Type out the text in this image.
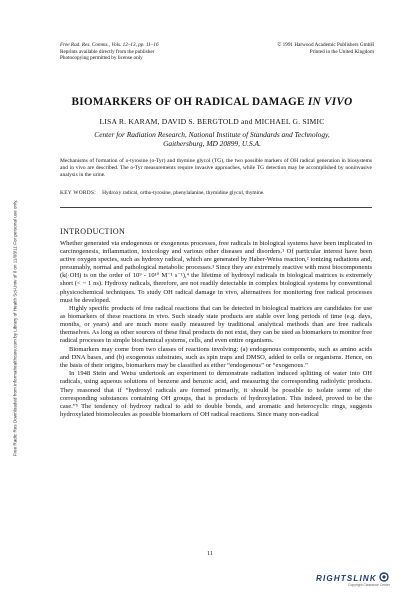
Free Rad. Res. Comms., Vols. 12–13, pp. 11–16
Reprints available directly from the publisher
Photocopying permitted by license only
© 1991 Harwood Academic Publishers GmbH
Printed in the United Kingdom
BIOMARKERS OF OH RADICAL DAMAGE IN VIVO
LISA R. KARAM, DAVID S. BERGTOLD and MICHAEL G. SIMIC
Center for Radiation Research, National Institute of Standards and Technology,
Gaithersburg, MD 20899, U.S.A.
Mechanisms of formation of o-tyrosine (o-Tyr) and thymine glycol (TG), the two possible markers of OH radical generation in biosystems and in vivo are described. The o-Tyr measurements require invasive approaches, while TG detection may be accomplished by noninvasive analysis in the urine.
KEY WORDS: Hydroxy radical, ortho-tyrosine, phenylalanine, thymidine glycol, thymine.
INTRODUCTION

Whether generated via endogenous or exogenous processes, free radicals in biological systems have been implicated in carcinogenesis, inflammation, toxicology and various other diseases and disorders.¹ Of particular interest have been active oxygen species, such as hydroxy radical, which are generated by Haber-Weiss reaction,² ionizing radiations and, presumably, normal and pathological metabolic processes.³ Since they are extremely reactive with most biocomponents (k(·OH) is on the order of 10⁹ - 10¹⁰ M⁻¹ s⁻¹),⁴ the lifetime of hydroxyl radicals in biological matrices is extremely short (< ~ 1 ns). Hydroxy radicals, therefore, are not readily detectable in complex biological systems by conventional physicochemical techniques. To study OH radical damage in vivo, alternatives for monitoring free radical processes must be developed.

Highly specific products of free radical reactions that can be detected in biological matrices are candidates for use as biomarkers of these reactions in vivo. Such steady state products are stable over long periods of time (e.g. days, months, or years) and are much more easily measured by traditional analytical methods than are free radicals themselves. As long as other sources of these final products do not exist, they can be used as biomarkers to monitor free radical processes in simple biochemical systems, cells, and even entire organisms.

Biomarkers may come from two classes of reactions involving: (a) endogenous components, such as amino acids and DNA bases, and (b) exogenous substrates, such as spin traps and DMSO, added to cells or organisms. Hence, on the basis of their origins, biomarkers may be classified as either “endogenous” or “exogenous.”

In 1948 Stein and Weiss undertook an experiment to demonstrate radiation induced splitting of water into OH radicals, using aqueous solutions of benzene and benzoic acid, and measuring the corresponding radiolytic products. They reasoned that if “hydroxyl radicals are formed primarily, it should be possible to isolate some of the corresponding substances containing OH groups, that is products of hydroxylation. This indeed, proved to be the case.”⁵ The tendency of hydroxy radical to add to double bonds, and aromatic and heterocyclic rings, suggests hydroxylated biomolecules as possible biomarkers of OH radical reactions. Since many non-radical

11
Free Radic Res Downloaded from informahealthcare.com by Library of Health Sci-Univ of Il on 11/08/11 For personal use only.
RIGHTSLINK
Copyright Clearance Center
